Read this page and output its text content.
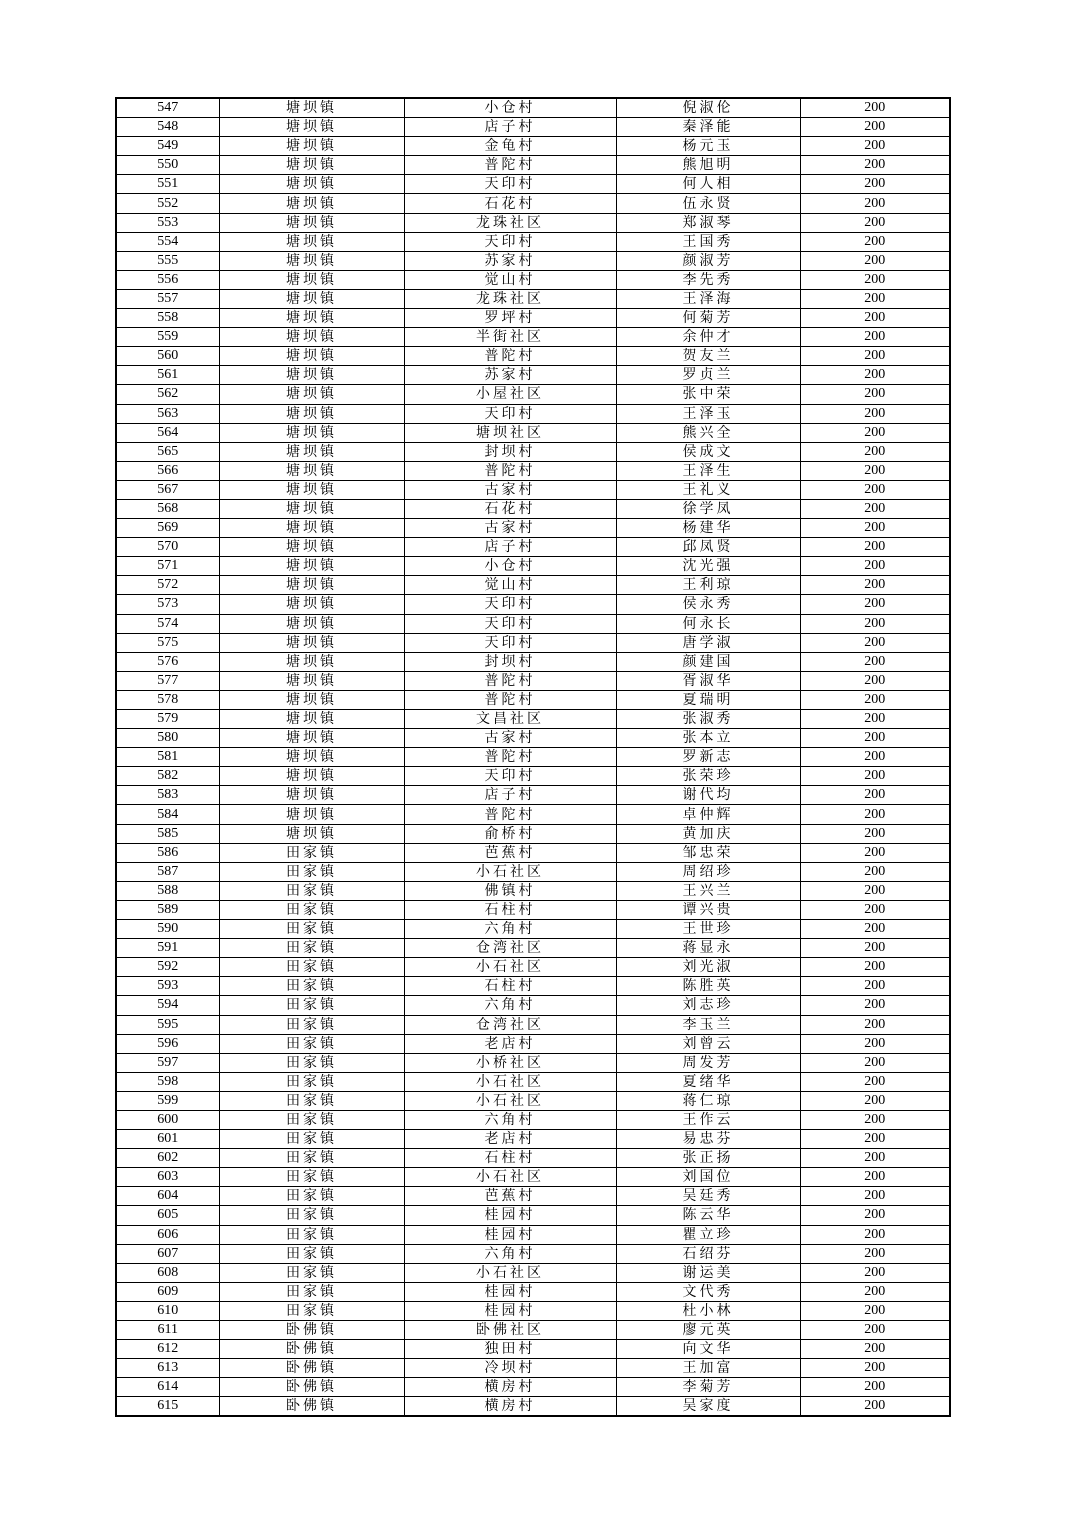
547	塘坝镇	小仓村	倪淑伦	200
548	塘坝镇	店子村	秦泽能	200
549	塘坝镇	金龟村	杨元玉	200
550	塘坝镇	普陀村	熊旭明	200
551	塘坝镇	天印村	何人相	200
552	塘坝镇	石花村	伍永贤	200
553	塘坝镇	龙珠社区	郑淑琴	200
554	塘坝镇	天印村	王国秀	200
555	塘坝镇	苏家村	颜淑芳	200
556	塘坝镇	觉山村	李先秀	200
557	塘坝镇	龙珠社区	王泽海	200
558	塘坝镇	罗坪村	何菊芳	200
559	塘坝镇	半街社区	余仲才	200
560	塘坝镇	普陀村	贺友兰	200
561	塘坝镇	苏家村	罗贞兰	200
562	塘坝镇	小屋社区	张中荣	200
563	塘坝镇	天印村	王泽玉	200
564	塘坝镇	塘坝社区	熊兴全	200
565	塘坝镇	封坝村	侯成文	200
566	塘坝镇	普陀村	王泽生	200
567	塘坝镇	古家村	王礼义	200
568	塘坝镇	石花村	徐学凤	200
569	塘坝镇	古家村	杨建华	200
570	塘坝镇	店子村	邱凤贤	200
571	塘坝镇	小仓村	沈光强	200
572	塘坝镇	觉山村	王利琼	200
573	塘坝镇	天印村	侯永秀	200
574	塘坝镇	天印村	何永长	200
575	塘坝镇	天印村	唐学淑	200
576	塘坝镇	封坝村	颜建国	200
577	塘坝镇	普陀村	胥淑华	200
578	塘坝镇	普陀村	夏瑞明	200
579	塘坝镇	文昌社区	张淑秀	200
580	塘坝镇	古家村	张本立	200
581	塘坝镇	普陀村	罗新志	200
582	塘坝镇	天印村	张荣珍	200
583	塘坝镇	店子村	谢代均	200
584	塘坝镇	普陀村	卓仲辉	200
585	塘坝镇	俞桥村	黄加庆	200
586	田家镇	芭蕉村	邹忠荣	200
587	田家镇	小石社区	周绍珍	200
588	田家镇	佛镇村	王兴兰	200
589	田家镇	石柱村	谭兴贵	200
590	田家镇	六角村	王世珍	200
591	田家镇	仓湾社区	蒋显永	200
592	田家镇	小石社区	刘光淑	200
593	田家镇	石柱村	陈胜英	200
594	田家镇	六角村	刘志珍	200
595	田家镇	仓湾社区	李玉兰	200
596	田家镇	老店村	刘曾云	200
597	田家镇	小桥社区	周发芳	200
598	田家镇	小石社区	夏绪华	200
599	田家镇	小石社区	蒋仁琼	200
600	田家镇	六角村	王作云	200
601	田家镇	老店村	易忠芬	200
602	田家镇	石柱村	张正扬	200
603	田家镇	小石社区	刘国位	200
604	田家镇	芭蕉村	吴廷秀	200
605	田家镇	桂园村	陈云华	200
606	田家镇	桂园村	瞿立珍	200
607	田家镇	六角村	石绍芬	200
608	田家镇	小石社区	谢运美	200
609	田家镇	桂园村	文代秀	200
610	田家镇	桂园村	杜小林	200
611	卧佛镇	卧佛社区	廖元英	200
612	卧佛镇	独田村	向文华	200
613	卧佛镇	冷坝村	王加富	200
614	卧佛镇	横房村	李菊芳	200
615	卧佛镇	横房村	吴家度	200
